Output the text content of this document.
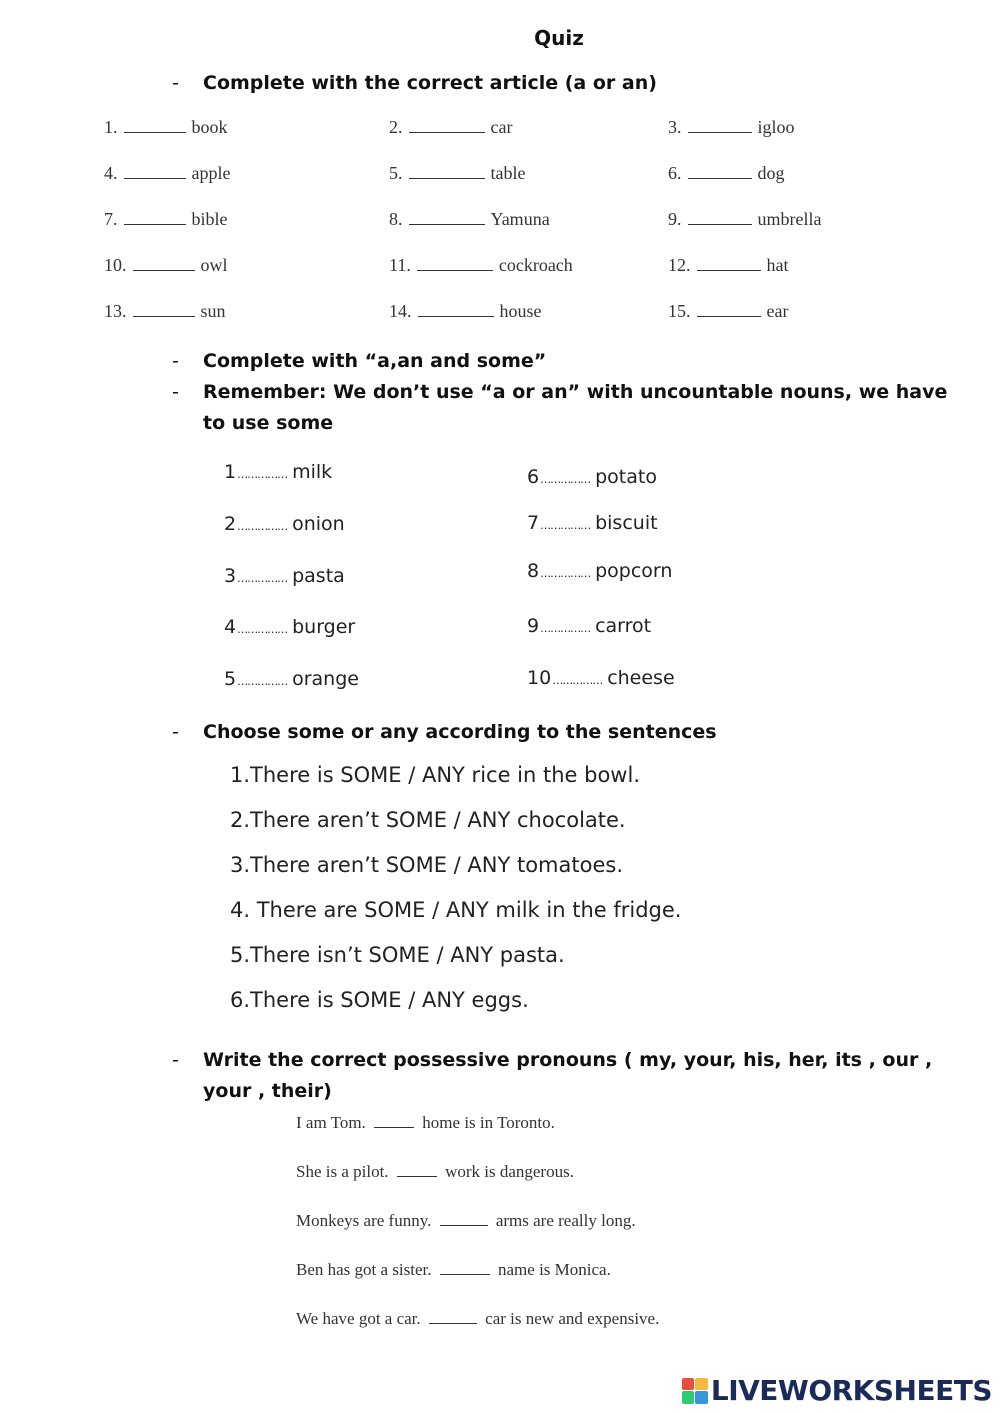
Quiz
- Complete with the correct article (a or an)
1.	book	2.	car	3.	igloo
4.	apple	5.	table	6.	dog
7.	bible	8.	Yamuna	9.	umbrella
10.	owl	11.	cockroach	12.	hat
13.	sun	14.	house	15.	ear
- Complete with “a,an and some”
- Remember: We don’t use “a or an” with uncountable nouns, we have to use some
1…………… milk
2…………… onion
3…………… pasta
4…………… burger
5…………… orange
6…………… potato
7…………… biscuit
8…………… popcorn
9…………… carrot
10…………… cheese
- Choose some or any according to the sentences
1.There is SOME / ANY rice in the bowl.
2.There aren’t SOME / ANY chocolate.
3.There aren’t SOME / ANY tomatoes.
4. There are SOME / ANY milk in the fridge.
5.There isn’t SOME / ANY pasta.
6.There is SOME / ANY eggs.
- Write the correct possessive pronouns ( my, your, his, her, its , our , your , their)
I am Tom.	home is in Toronto.
She is a pilot.	work is dangerous.
Monkeys are funny.	arms are really long.
Ben has got a sister.	name is Monica.
We have got a car.	car is new and expensive.
LIVEWORKSHEETS
